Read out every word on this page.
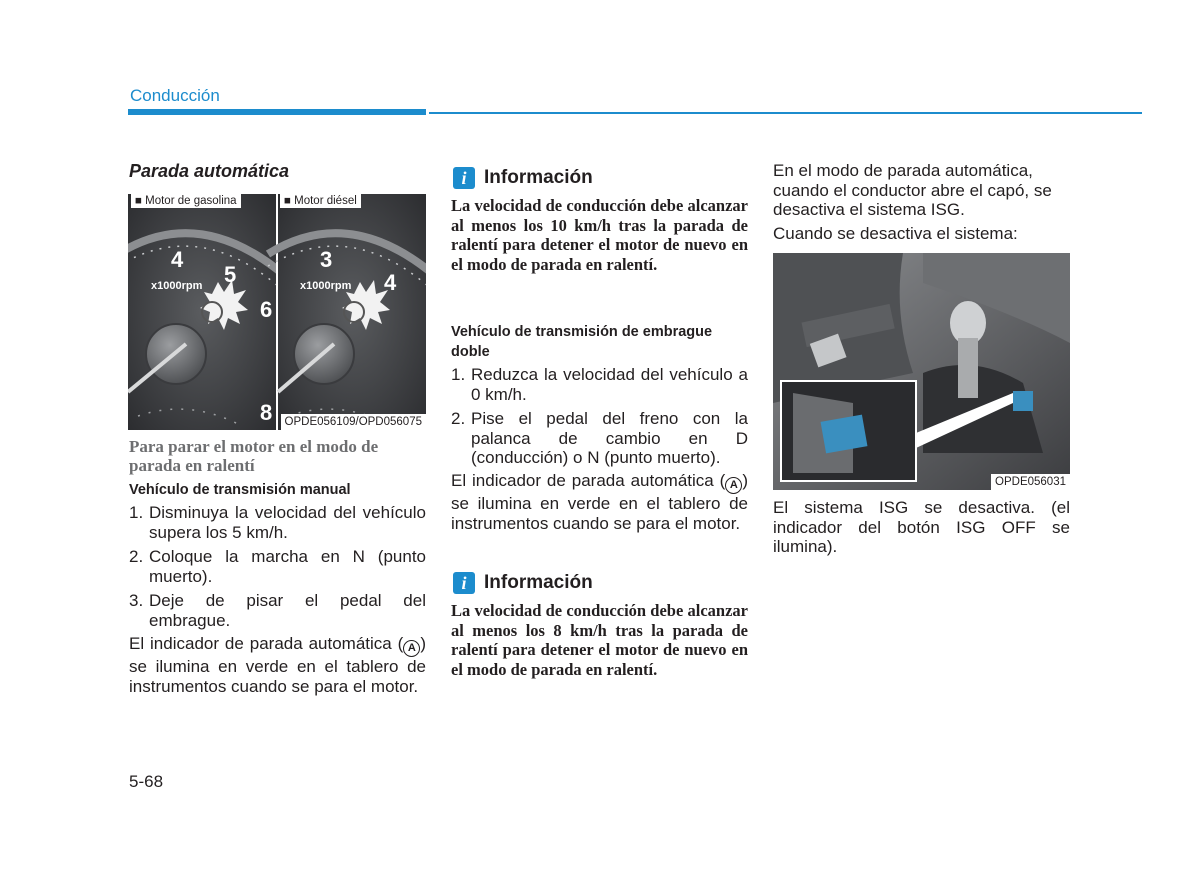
Conducción
Parada automática
4
5
6
8
x1000rpm
3
4
x1000rpm
■ Motor de gasolina	■ Motor diésel
OPDE056109/OPD056075
Para parar el motor en el modo de parada en ralentí
Vehículo de transmisión manual
1. Disminuya la velocidad del vehículo supera los 5 km/h.
2. Coloque la marcha en N (punto muerto).
3. Deje de pisar el pedal del embrague.
El indicador de parada automática ( A ) se ilumina en verde en el tablero de instrumentos cuando se para el motor.
i Información
La velocidad de conducción debe alcanzar al menos los 10 km/h tras la parada de ralentí para detener el motor de nuevo en el modo de parada en ralentí.
Vehículo de transmisión de embrague doble
1. Reduzca la velocidad del vehículo a 0 km/h.
2. Pise el pedal del freno con la palanca de cambio en D (conducción) o N (punto muerto).
El indicador de parada automática ( A ) se ilumina en verde en el tablero de instrumentos cuando se para el motor.
i Información
La velocidad de conducción debe alcanzar al menos los 8 km/h tras la parada de ralentí para detener el motor de nuevo en el modo de parada en ralentí.
En el modo de parada automática, cuando el conductor abre el capó, se desactiva el sistema ISG.
Cuando se desactiva el sistema:
OPDE056031
El sistema ISG se desactiva. (el indicador del botón ISG OFF se ilumina).
5-68
